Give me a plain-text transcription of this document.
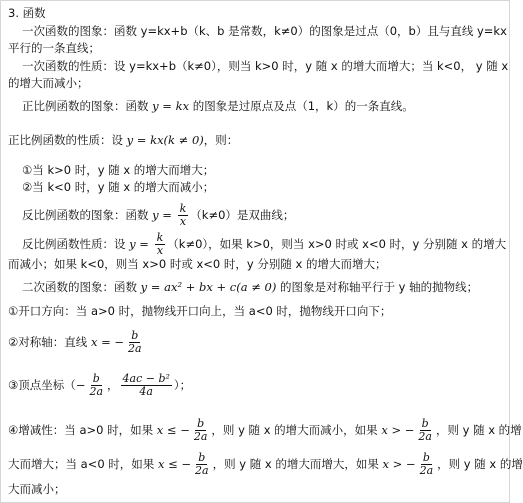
3. 函数
一次函数的图象：函数 y=kx+b（k、b 是常数，k≠0）的图象是过点（0，b）且与直线 y=kx
平行的一条直线；
一次函数的性质：设 y=kx+b（k≠0），则当 k>0 时，y 随 x 的增大而增大；当 k<0， y 随 x
的增大而减小；
正比例函数的图象：函数 y = kx 的图象是过原点及点（1，k）的一条直线。
正比例函数的性质：设 y = kx(k ≠ 0)，则：
①当 k>0 时，y 随 x 的增大而增大；
②当 k<0 时，y 随 x 的增大而减小；
反比例函数的图象：函数 $y = \frac{k}{x} (k\ne 0)$是双曲线；
反比例函数性质：设 $y = \frac{k}{x} (k\ne 0)$，如果 k>0，则当 x>0 时或 x<0 时，y 分别随 x 的增大
而减小；如果 k<0，则当 x>0 时或 x<0 时，y 分别随 x 的增大而增大；
二次函数的图象：函数 y = ax² + bx + c(a ≠ 0) 的图象是对称轴平行于 y 轴的抛物线；
①开口方向：当 a>0 时，抛物线开口向上，当 a<0 时，抛物线开口向下；
②对称轴：直线 x = − $\frac{b}{2a}$
③顶点坐标（− $\frac{b}{2a}$ ， $\frac{\text{4ac − b²}}{4a}$ ）；
④增减性：当 a>0 时，如果 x ≤ − $\frac{b}{2a}$ ，则 y 随 x 的增大而减小，如果 x > − $\frac{b}{2a}$ ，则 y 随 x 的增
大而增大；当 a<0 时，如果 x ≤ − $\frac{b}{2a}$ ，则 y 随 x 的增大而增大，如果 x > − $\frac{b}{2a}$ ，则 y 随 x 的增
大而减小；
